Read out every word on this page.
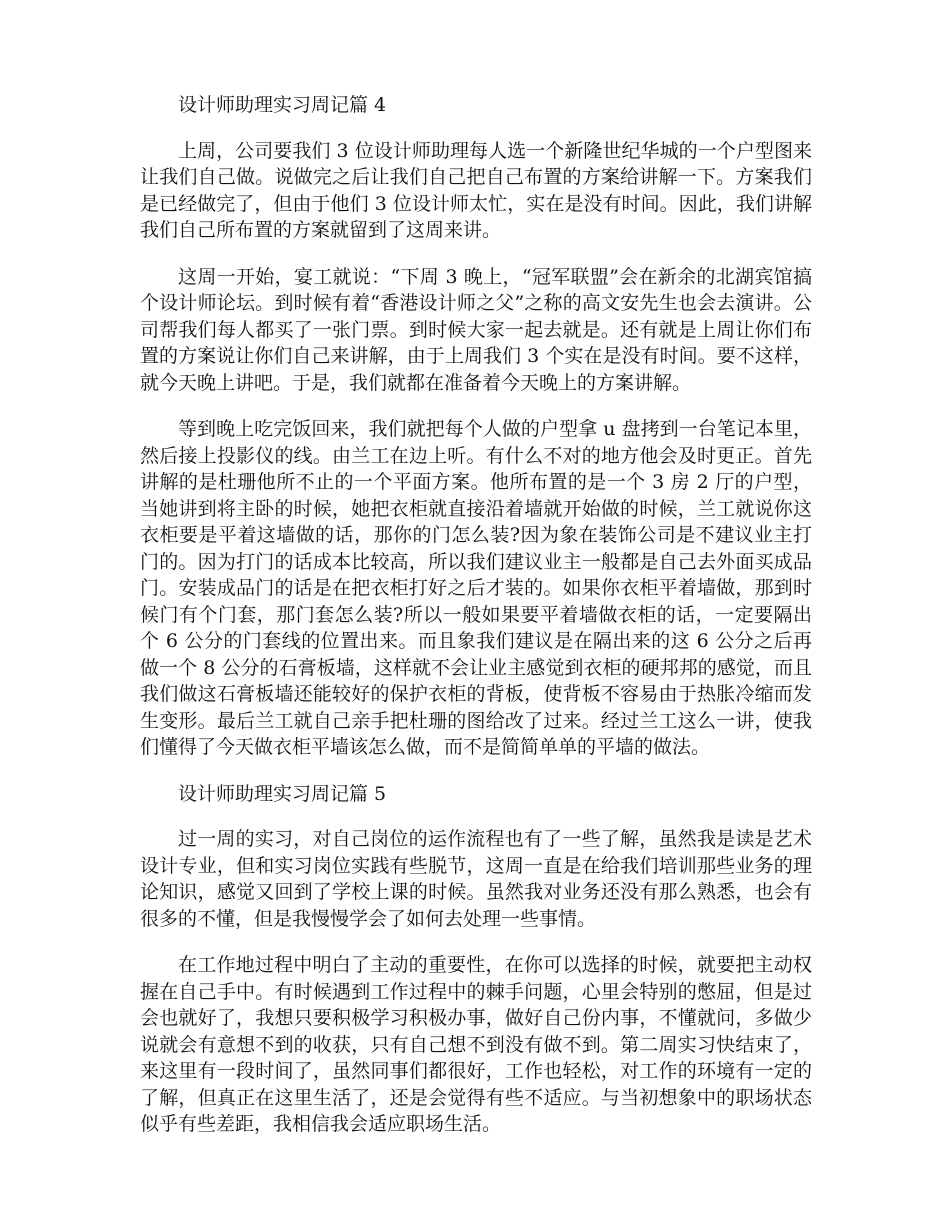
设计师助理实习周记篇 4

上周，公司要我们 3 位设计师助理每人选一个新隆世纪华城的一个户型图来让我们自己做。说做完之后让我们自己把自己布置的方案给讲解一下。方案我们是已经做完了，但由于他们 3 位设计师太忙，实在是没有时间。因此，我们讲解我们自己所布置的方案就留到了这周来讲。

这周一开始，宴工就说：“下周 3 晚上，“冠军联盟”会在新余的北湖宾馆搞个设计师论坛。到时候有着“香港设计师之父”之称的高文安先生也会去演讲。公司帮我们每人都买了一张门票。到时候大家一起去就是。还有就是上周让你们布置的方案说让你们自己来讲解，由于上周我们 3 个实在是没有时间。要不这样，就今天晚上讲吧。于是，我们就都在准备着今天晚上的方案讲解。

等到晚上吃完饭回来，我们就把每个人做的户型拿 u 盘拷到一台笔记本里，然后接上投影仪的线。由兰工在边上听。有什么不对的地方他会及时更正。首先讲解的是杜珊他所不止的一个平面方案。他所布置的是一个 3 房 2 厅的户型，当她讲到将主卧的时候，她把衣柜就直接沿着墙就开始做的时候，兰工就说你这衣柜要是平着这墙做的话，那你的门怎么装?因为象在装饰公司是不建议业主打门的。因为打门的话成本比较高，所以我们建议业主一般都是自己去外面买成品门。安装成品门的话是在把衣柜打好之后才装的。如果你衣柜平着墙做，那到时候门有个门套，那门套怎么装?所以一般如果要平着墙做衣柜的话，一定要隔出个 6 公分的门套线的位置出来。而且象我们建议是在隔出来的这 6 公分之后再做一个 8 公分的石膏板墙，这样就不会让业主感觉到衣柜的硬邦邦的感觉，而且我们做这石膏板墙还能较好的保护衣柜的背板，使背板不容易由于热胀冷缩而发生变形。最后兰工就自己亲手把杜珊的图给改了过来。经过兰工这么一讲，使我们懂得了今天做衣柜平墙该怎么做，而不是简简单单的平墙的做法。

设计师助理实习周记篇 5

过一周的实习，对自己岗位的运作流程也有了一些了解，虽然我是读是艺术设计专业，但和实习岗位实践有些脱节，这周一直是在给我们培训那些业务的理论知识，感觉又回到了学校上课的时候。虽然我对业务还没有那么熟悉，也会有很多的不懂，但是我慢慢学会了如何去处理一些事情。

在工作地过程中明白了主动的重要性，在你可以选择的时候，就要把主动权握在自己手中。有时候遇到工作过程中的棘手问题，心里会特别的憋屈，但是过会也就好了，我想只要积极学习积极办事，做好自己份内事，不懂就问，多做少说就会有意想不到的收获，只有自己想不到没有做不到。第二周实习快结束了，来这里有一段时间了，虽然同事们都很好，工作也轻松，对工作的环境有一定的了解，但真正在这里生活了，还是会觉得有些不适应。与当初想象中的职场状态似乎有些差距，我相信我会适应职场生活。
